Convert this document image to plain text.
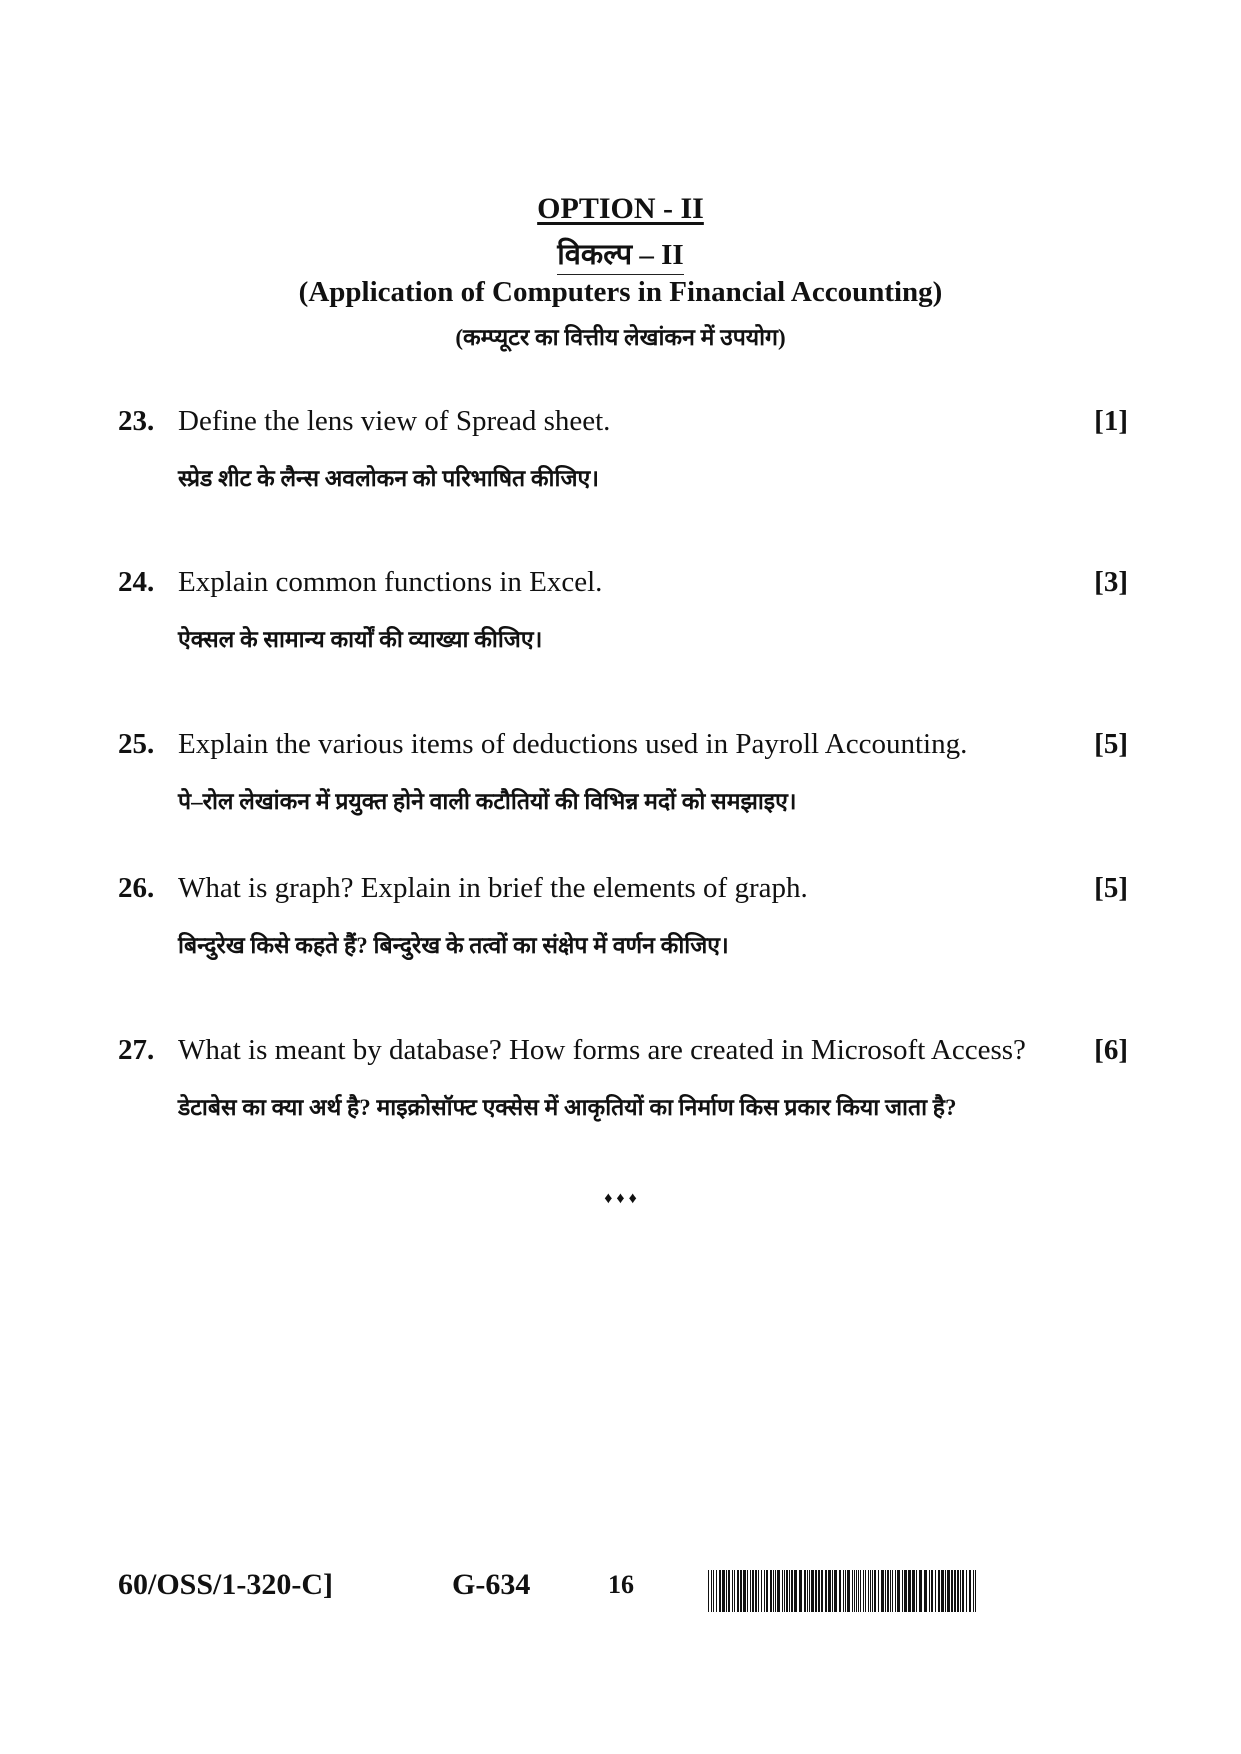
OPTION - II
विकल्प – II
(Application of Computers in Financial Accounting)
(कम्प्यूटर का वित्तीय लेखांकन में उपयोग)
23. Define the lens view of Spread sheet.	[1]
स्प्रेड शीट के लैन्स अवलोकन को परिभाषित कीजिए।
24. Explain common functions in Excel.	[3]
ऐक्सल के सामान्य कार्यों की व्याख्या कीजिए।
25. Explain the various items of deductions used in Payroll Accounting.	[5]
पे–रोल लेखांकन में प्रयुक्त होने वाली कटौतियों की विभिन्न मदों को समझाइए।
26. What is graph? Explain in brief the elements of graph.	[5]
बिन्दुरेख किसे कहते हैं? बिन्दुरेख के तत्वों का संक्षेप में वर्णन कीजिए।
27. What is meant by database? How forms are created in Microsoft Access? [6]
डेटाबेस का क्या अर्थ है? माइक्रोसॉफ्ट एक्सेस में आकृतियों का निर्माण किस प्रकार किया जाता है?
♦ ♦ ♦
60/OSS/1-320-C]	G-634	16
